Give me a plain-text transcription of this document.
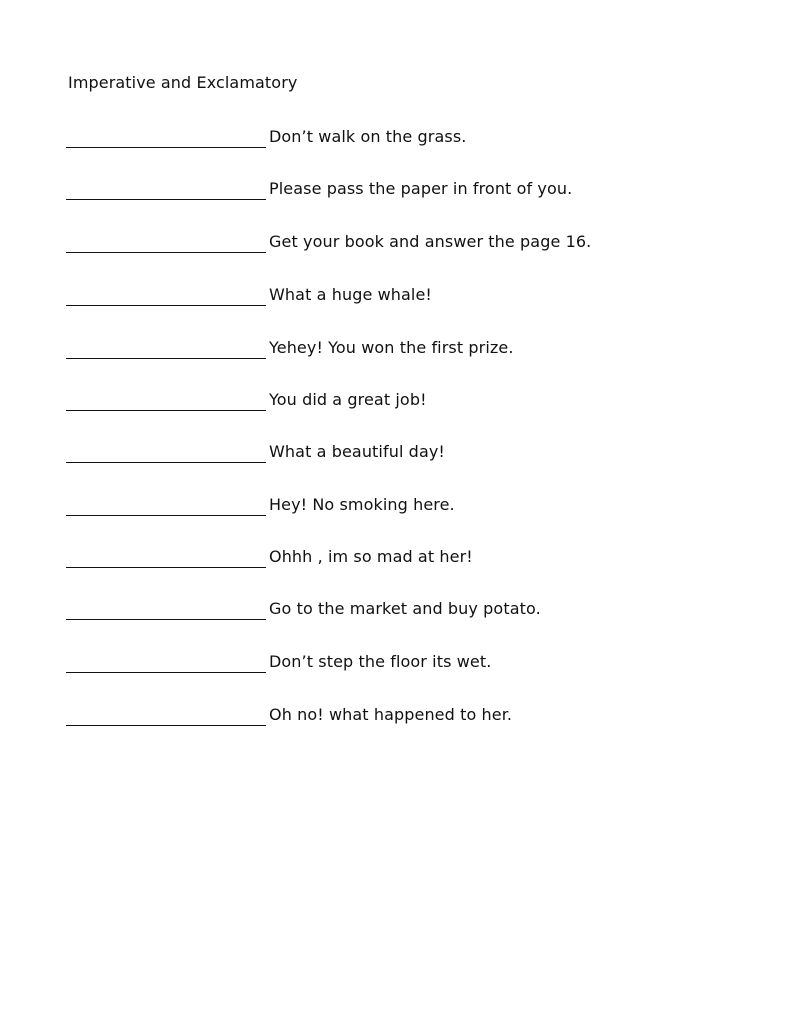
Imperative and Exclamatory
Don’t walk on the grass.
Please pass the paper in front of you.
Get your book and answer the page 16.
What a huge whale!
Yehey! You won the first prize.
You did a great job!
What a beautiful day!
Hey! No smoking here.
Ohhh , im so mad at her!
Go to the market and buy potato.
Don’t step the floor its wet.
Oh no! what happened to her.
